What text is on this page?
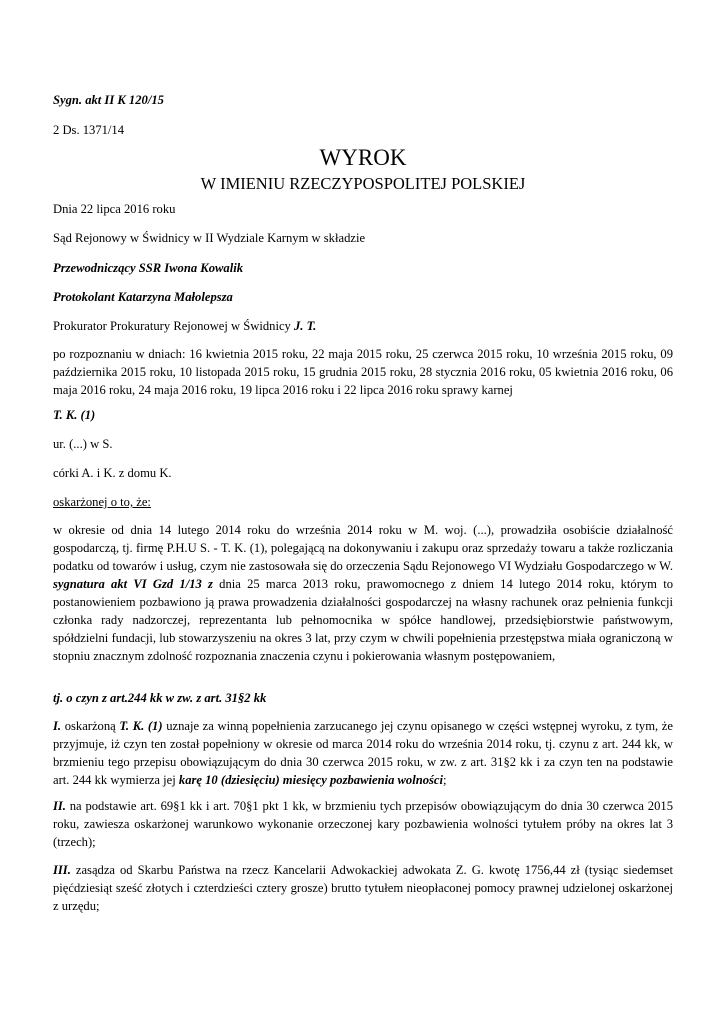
Sygn. akt II K 120/15

2 Ds. 1371/14

WYROK

W IMIENIU RZECZYPOSPOLITEJ POLSKIEJ

Dnia 22 lipca 2016 roku

Sąd Rejonowy w Świdnicy w II Wydziale Karnym w składzie

Przewodniczący SSR Iwona Kowalik

Protokolant Katarzyna Małolepsza

Prokurator Prokuratury Rejonowej w Świdnicy J. T.

po rozpoznaniu w dniach: 16 kwietnia 2015 roku, 22 maja 2015 roku, 25 czerwca 2015 roku, 10 września 2015 roku, 09 października 2015 roku, 10 listopada 2015 roku, 15 grudnia 2015 roku, 28 stycznia 2016 roku, 05 kwietnia 2016 roku, 06 maja 2016 roku, 24 maja 2016 roku, 19 lipca 2016 roku i 22 lipca 2016 roku sprawy karnej

T. K. (1)

ur. (...) w S.

córki A. i K. z domu K.

oskarżonej o to, że:

w okresie od dnia 14 lutego 2014 roku do września 2014 roku w M. woj. (...), prowadziła osobiście działalność gospodarczą, tj. firmę P.H.U S. - T. K. (1), polegającą na dokonywaniu i zakupu oraz sprzedaży towaru a także rozliczania podatku od towarów i usług, czym nie zastosowała się do orzeczenia Sądu Rejonowego VI Wydziału Gospodarczego w W. sygnatura akt VI Gzd 1/13 z dnia 25 marca 2013 roku, prawomocnego z dniem 14 lutego 2014 roku, którym to postanowieniem pozbawiono ją prawa prowadzenia działalności gospodarczej na własny rachunek oraz pełnienia funkcji członka rady nadzorczej, reprezentanta lub pełnomocnika w spółce handlowej, przedsiębiorstwie państwowym, spółdzielni fundacji, lub stowarzyszeniu na okres 3 lat, przy czym w chwili popełnienia przestępstwa miała ograniczoną w stopniu znacznym zdolność rozpoznania znaczenia czynu i pokierowania własnym postępowaniem,

tj. o czyn z art.244 kk w zw. z art. 31§2 kk

I. oskarżoną T. K. (1) uznaje za winną popełnienia zarzucanego jej czynu opisanego w części wstępnej wyroku, z tym, że przyjmuje, iż czyn ten został popełniony w okresie od marca 2014 roku do września 2014 roku, tj. czynu z art. 244 kk, w brzmieniu tego przepisu obowiązującym do dnia 30 czerwca 2015 roku, w zw. z art. 31§2 kk i za czyn ten na podstawie art. 244 kk wymierza jej karę 10 (dziesięciu) miesięcy pozbawienia wolności;

II. na podstawie art. 69§1 kk i art. 70§1 pkt 1 kk, w brzmieniu tych przepisów obowiązującym do dnia 30 czerwca 2015 roku, zawiesza oskarżonej warunkowo wykonanie orzeczonej kary pozbawienia wolności tytułem próby na okres lat 3 (trzech);

III. zasądza od Skarbu Państwa na rzecz Kancelarii Adwokackiej adwokata Z. G. kwotę 1756,44 zł (tysiąc siedemset pięćdziesiąt sześć złotych i czterdzieści cztery grosze) brutto tytułem nieopłaconej pomocy prawnej udzielonej oskarżonej z urzędu;
